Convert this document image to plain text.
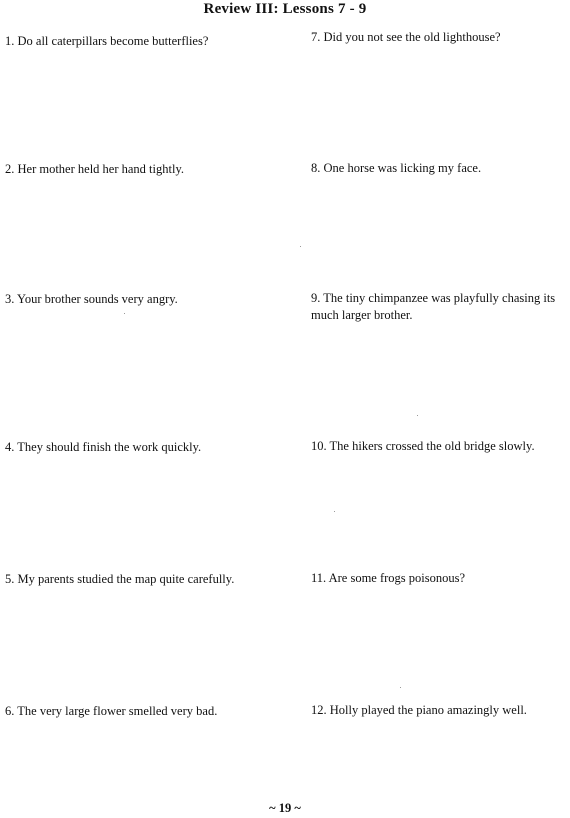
Review III: Lessons 7 - 9
1. Do all caterpillars become butterflies?
2. Her mother held her hand tightly.
3. Your brother sounds very angry.
4. They should finish the work quickly.
5. My parents studied the map quite carefully.
6. The very large flower smelled very bad.
7. Did you not see the old lighthouse?
8. One horse was licking my face.
9. The tiny chimpanzee was playfully chasing its much larger brother.
10. The hikers crossed the old bridge slowly.
11. Are some frogs poisonous?
12. Holly played the piano amazingly well.
~ 19 ~
